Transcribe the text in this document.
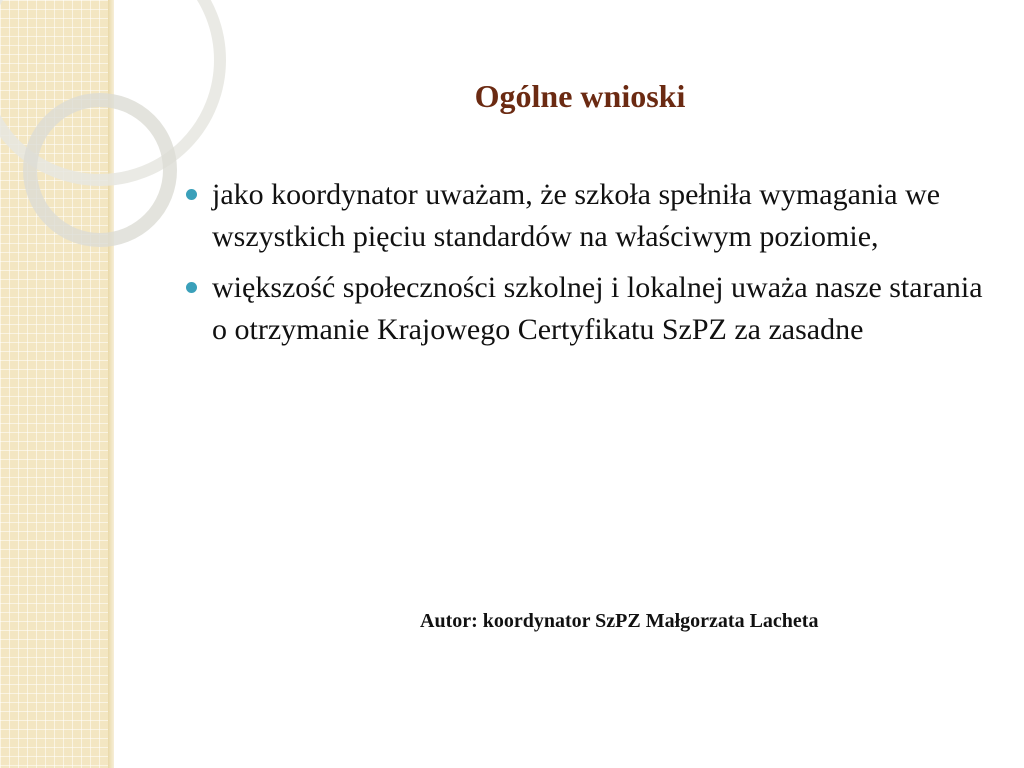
Ogólne wnioski
jako koordynator uważam, że szkoła spełniła wymagania we wszystkich pięciu standardów na właściwym poziomie,
większość społeczności szkolnej i lokalnej uważa nasze starania o otrzymanie Krajowego Certyfikatu SzPZ za zasadne
Autor: koordynator SzPZ Małgorzata Lacheta
